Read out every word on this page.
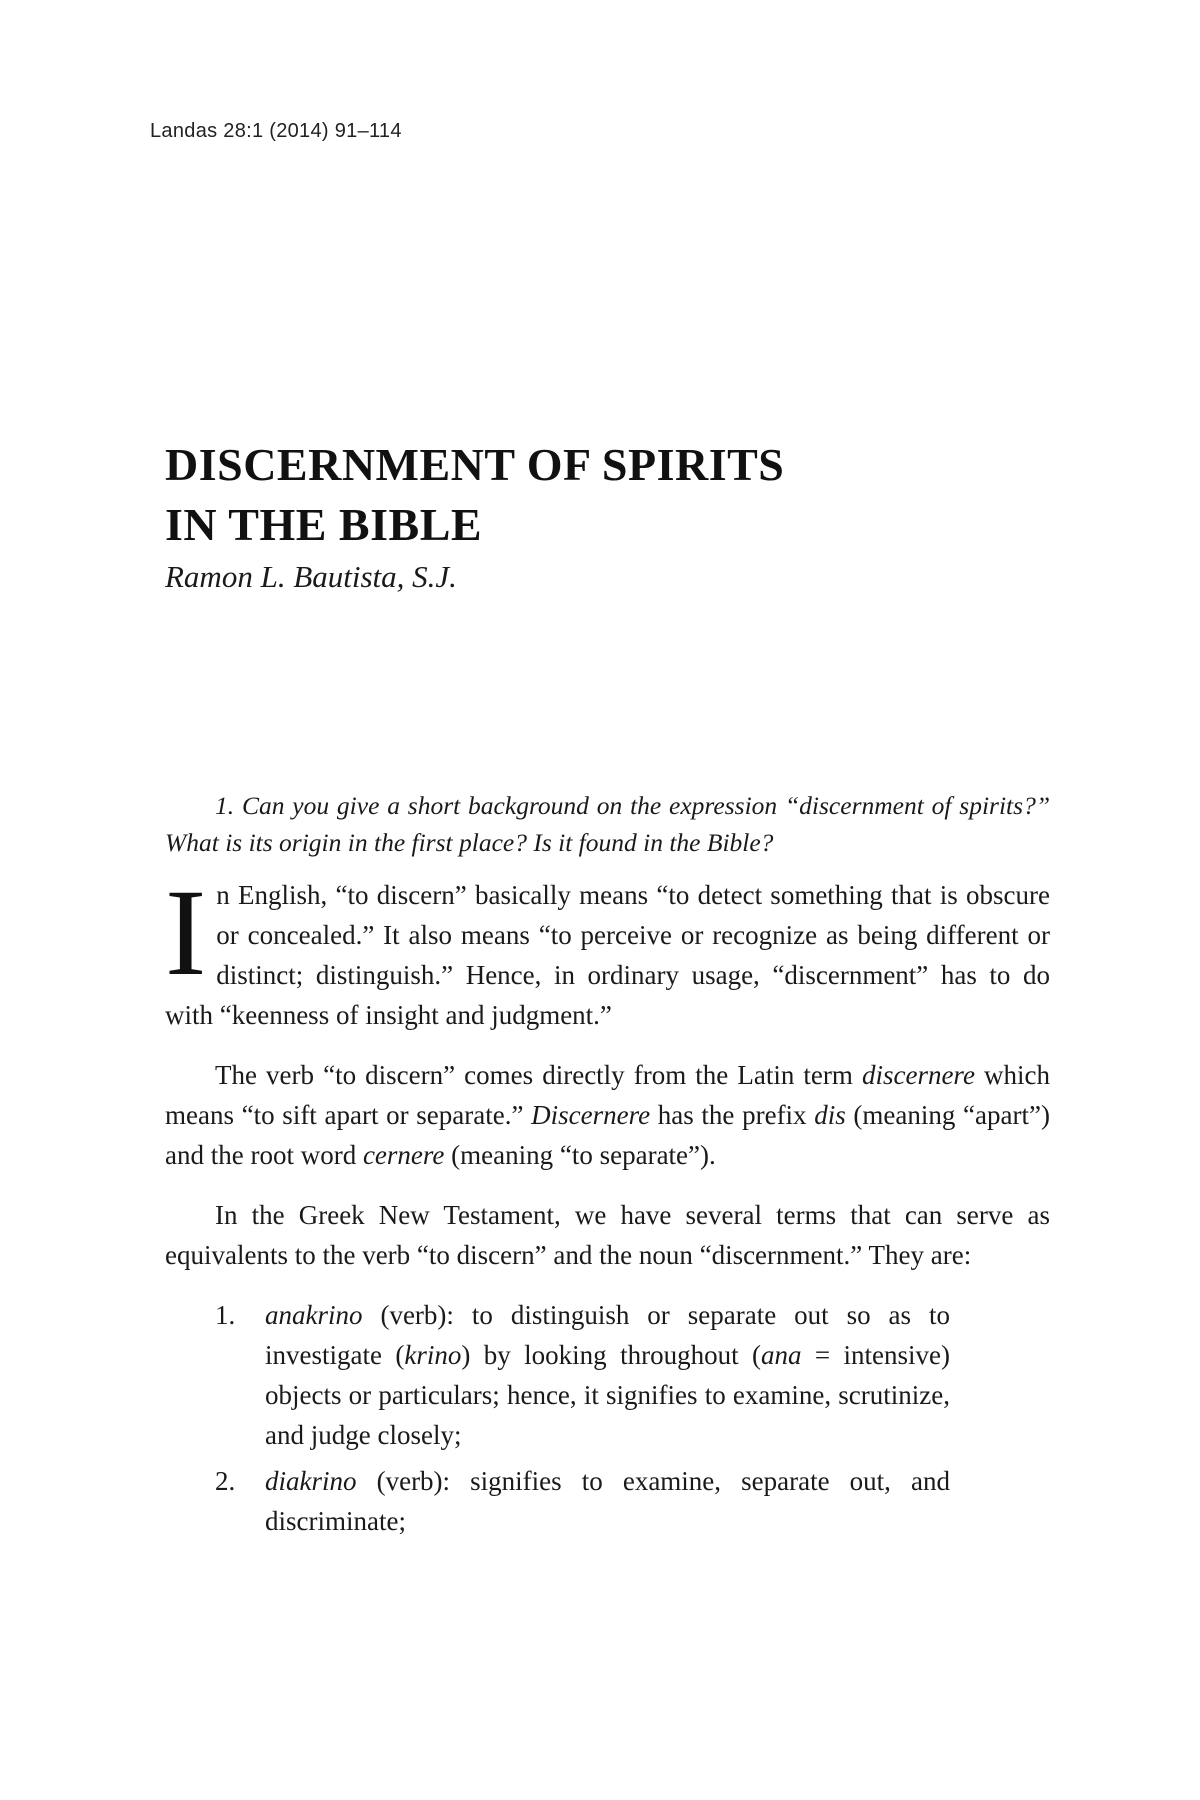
Landas 28:1 (2014) 91–114
DISCERNMENT OF SPIRITS
IN THE BIBLE
Ramon L. Bautista, S.J.

1. Can you give a short background on the expression “discernment of spirits?” What is its origin in the first place? Is it found in the Bible?

In English, “to discern” basically means “to detect something that is obscure or concealed.” It also means “to perceive or recognize as being different or distinct; distinguish.” Hence, in ordinary usage, “discernment” has to do with “keenness of insight and judgment.”

The verb “to discern” comes directly from the Latin term discernere which means “to sift apart or separate.” Discernere has the prefix dis (meaning “apart”) and the root word cernere (meaning “to separate”).

In the Greek New Testament, we have several terms that can serve as equivalents to the verb “to discern” and the noun “discernment.” They are:

1.	anakrino (verb): to distinguish or separate out so as to investigate (krino) by looking throughout (ana = intensive) objects or particulars; hence, it signifies to examine, scrutinize, and judge closely;
2.	diakrino (verb): signifies to examine, separate out, and discriminate;
